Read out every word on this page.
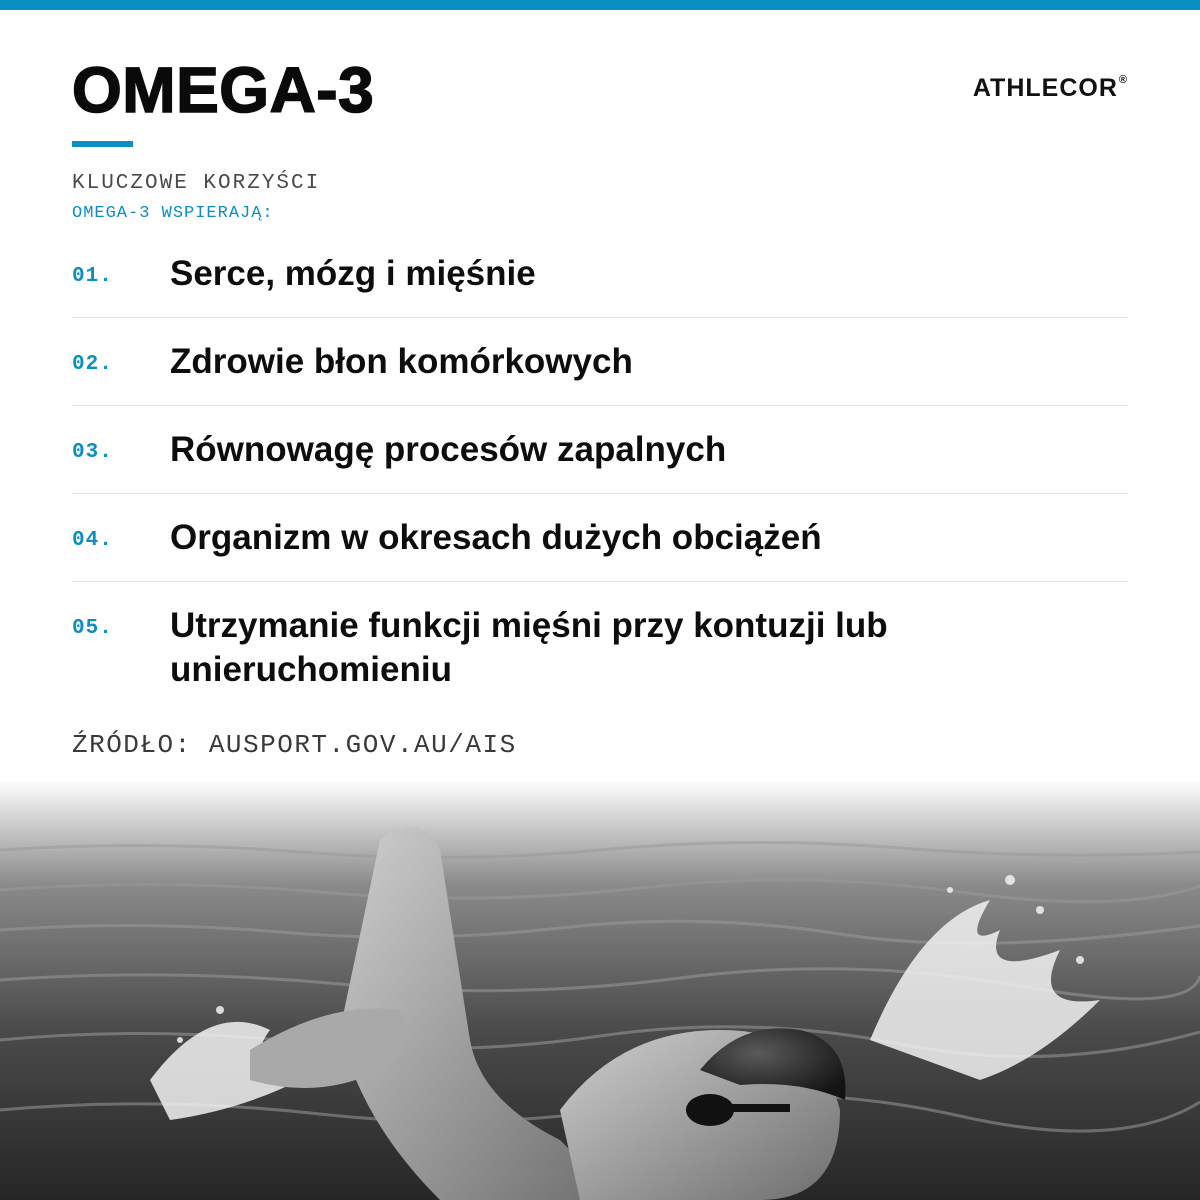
OMEGA-3	ATHLECOR®
KLUCZOWE KORZYŚCI
OMEGA-3 WSPIERAJĄ:
01. Serce, mózg i mięśnie
02. Zdrowie błon komórkowych
03. Równowagę procesów zapalnych
04. Organizm w okresach dużych obciążeń
05. Utrzymanie funkcji mięśni przy kontuzji lub unieruchomieniu
ŹRÓDŁO: AUSPORT.GOV.AU/AIS
